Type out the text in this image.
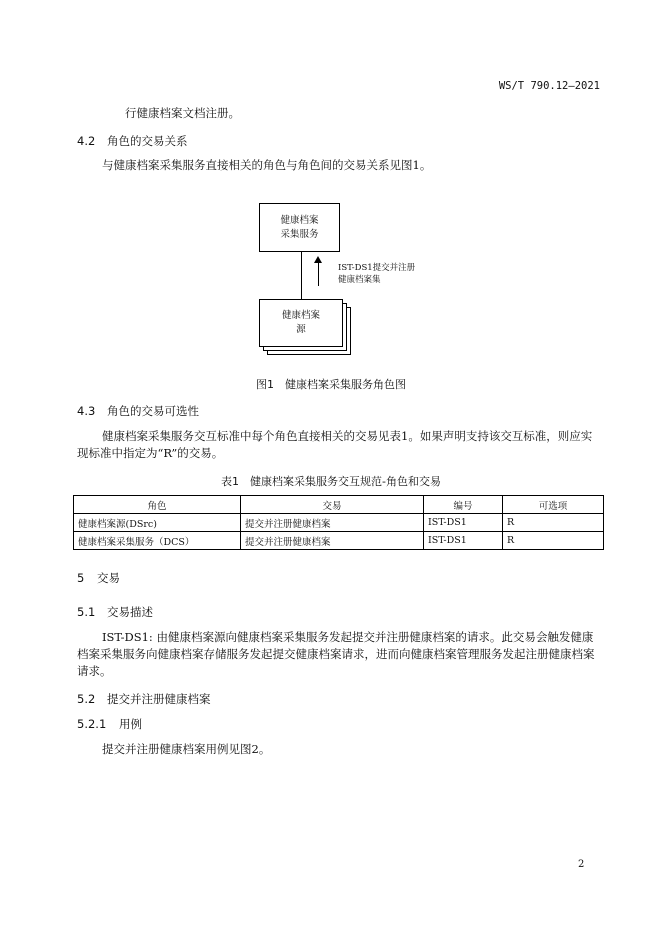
WS/T 790.12—2021
行健康档案文档注册。
4.2 角色的交易关系
与健康档案采集服务直接相关的角色与角色间的交易关系见图1。
健康档案
采集服务
IST-DS1提交并注册
健康档案集
健康档案
源
图1　健康档案采集服务角色图
4.3 角色的交易可选性
健康档案采集服务交互标准中每个角色直接相关的交易见表1。如果声明支持该交互标准，则应实
现标准中指定为“R”的交易。
表1　健康档案采集服务交互规范-角色和交易
角色	交易	编号	可选项
健康档案源(DSrc)	提交并注册健康档案	IST-DS1	R
健康档案采集服务（DCS）	提交并注册健康档案	IST-DS1	R
5 交易
5.1 交易描述
IST-DS1: 由健康档案源向健康档案采集服务发起提交并注册健康档案的请求。此交易会触发健康
档案采集服务向健康档案存储服务发起提交健康档案请求，进而向健康档案管理服务发起注册健康档案
请求。
5.2 提交并注册健康档案
5.2.1 用例
提交并注册健康档案用例见图2。
2
